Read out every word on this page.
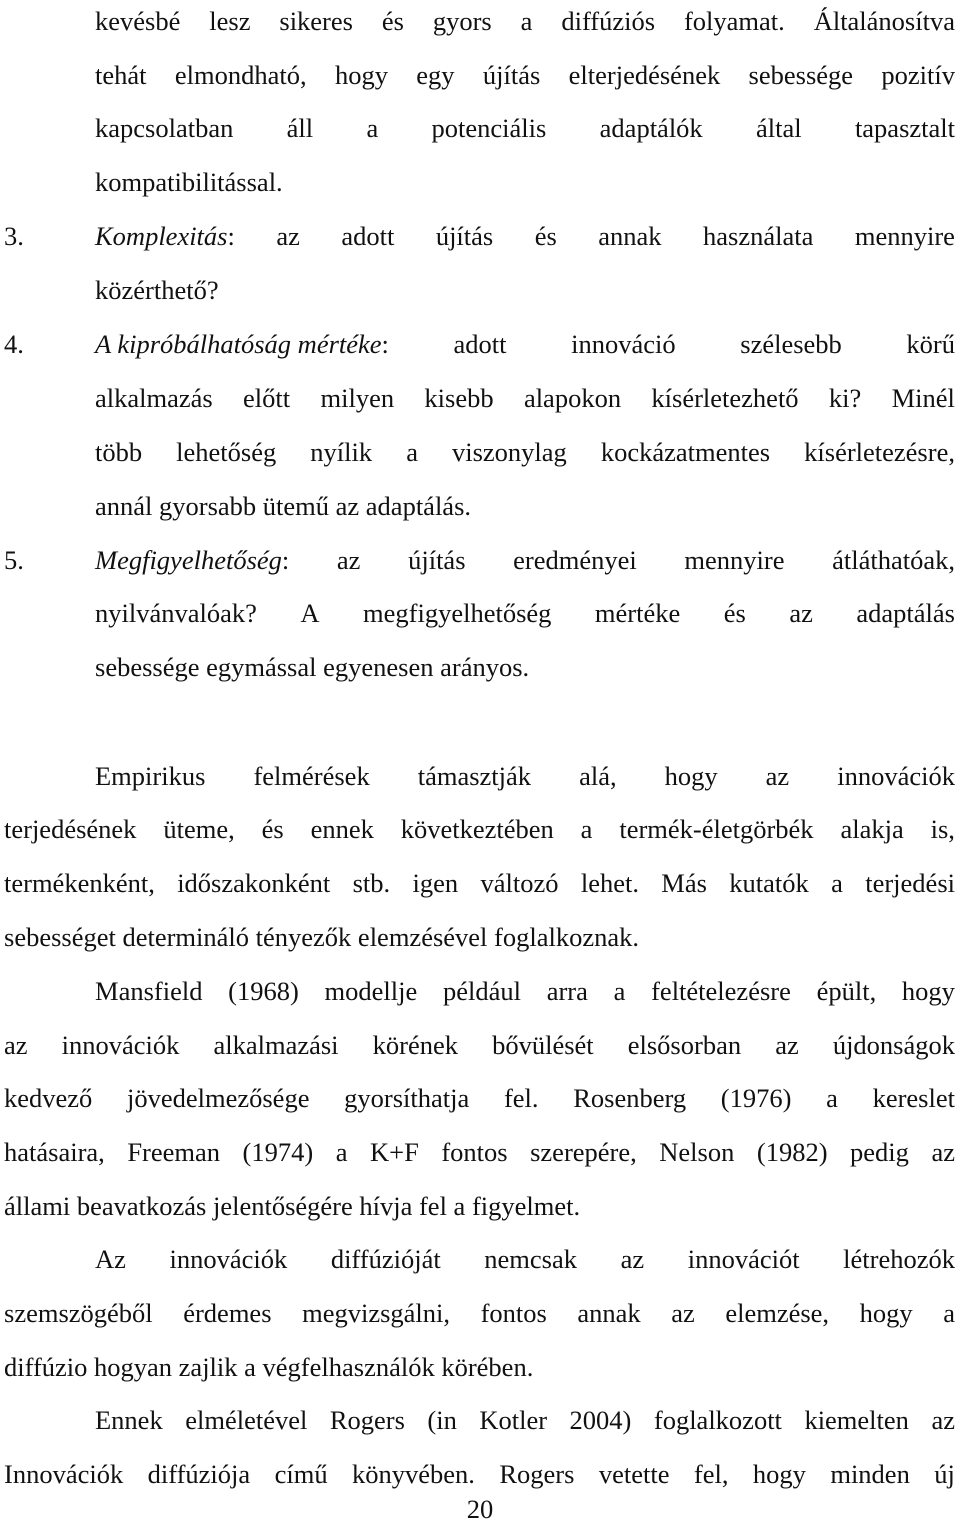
kevésbé lesz sikeres és gyors a diffúziós folyamat. Általánosítva
tehát elmondható, hogy egy újítás elterjedésének sebessége pozitív
kapcsolatban áll a potenciális adaptálók által tapasztalt
kompatibilitással.
3.	Komplexitás: az adott újítás és annak használata mennyire
közérthető?
4.	A kipróbálhatóság mértéke: adott innováció szélesebb körű
alkalmazás előtt milyen kisebb alapokon kísérletezhető ki? Minél
több lehetőség nyílik a viszonylag kockázatmentes kísérletezésre,
annál gyorsabb ütemű az adaptálás.
5.	Megfigyelhetőség: az újítás eredményei mennyire átláthatóak,
nyilvánvalóak? A megfigyelhetőség mértéke és az adaptálás
sebessége egymással egyenesen arányos.
Empirikus felmérések támasztják alá, hogy az innovációk
terjedésének üteme, és ennek következtében a termék-életgörbék alakja is,
termékenként, időszakonként stb. igen változó lehet. Más kutatók a terjedési
sebességet determináló tényezők elemzésével foglalkoznak.
Mansfield (1968) modellje például arra a feltételezésre épült, hogy
az innovációk alkalmazási körének bővülését elsősorban az újdonságok
kedvező jövedelmezősége gyorsíthatja fel. Rosenberg (1976) a kereslet
hatásaira, Freeman (1974) a K+F fontos szerepére, Nelson (1982) pedig az
állami beavatkozás jelentőségére hívja fel a figyelmet.
Az innovációk diffúzióját nemcsak az innovációt létrehozók
szemszögéből érdemes megvizsgálni, fontos annak az elemzése, hogy a
diffúzio hogyan zajlik a végfelhasználók körében.
Ennek elméletével Rogers (in Kotler 2004) foglalkozott kiemelten az
Innovációk diffúziója című könyvében. Rogers vetette fel, hogy minden új
20
